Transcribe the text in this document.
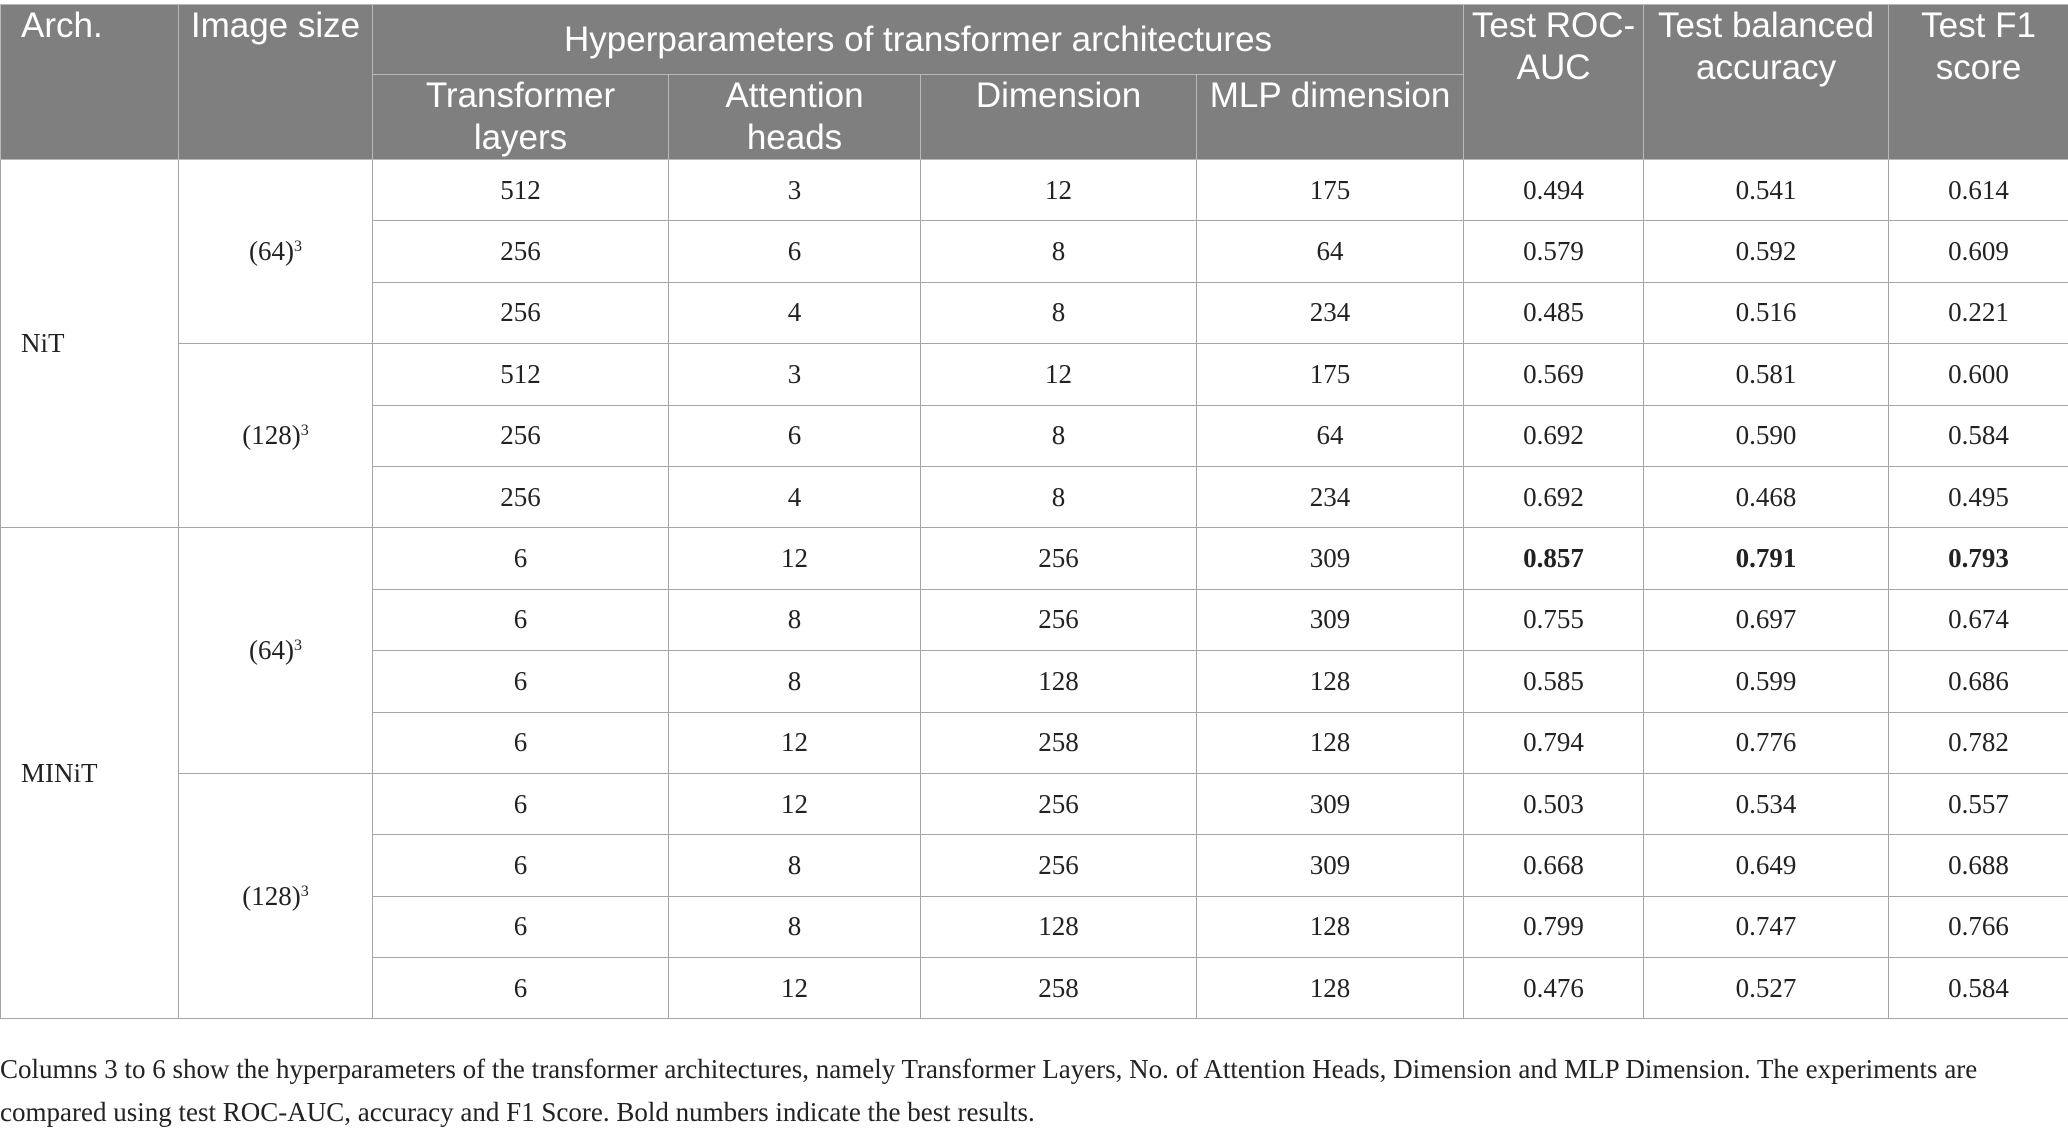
Arch.	Image size	Hyperparameters of transformer architectures				Test ROC-AUC	Test balanced accuracy	Test F1 score
		Transformer layers	Attention heads	Dimension	MLP dimension			
NiT	$(64)^3$	512	3	12	175	0.494	0.541	0.614
		256	6	8	64	0.579	0.592	0.609
		256	4	8	234	0.485	0.516	0.221
	$(128)^3$	512	3	12	175	0.569	0.581	0.600
		256	6	8	64	0.692	0.590	0.584
		256	4	8	234	0.692	0.468	0.495
MINiT	$(64)^3$	6	12	256	309	0.857	0.791	0.793
		6	8	256	309	0.755	0.697	0.674
		6	8	128	128	0.585	0.599	0.686
		6	12	258	128	0.794	0.776	0.782
	$(128)^3$	6	12	256	309	0.503	0.534	0.557
		6	8	256	309	0.668	0.649	0.688
		6	8	128	128	0.799	0.747	0.766
		6	12	258	128	0.476	0.527	0.584
Columns 3 to 6 show the hyperparameters of the transformer architectures, namely Transformer Layers, No. of Attention Heads, Dimension and MLP Dimension. The experiments are compared using test ROC-AUC, accuracy and F1 Score. Bold numbers indicate the best results.
